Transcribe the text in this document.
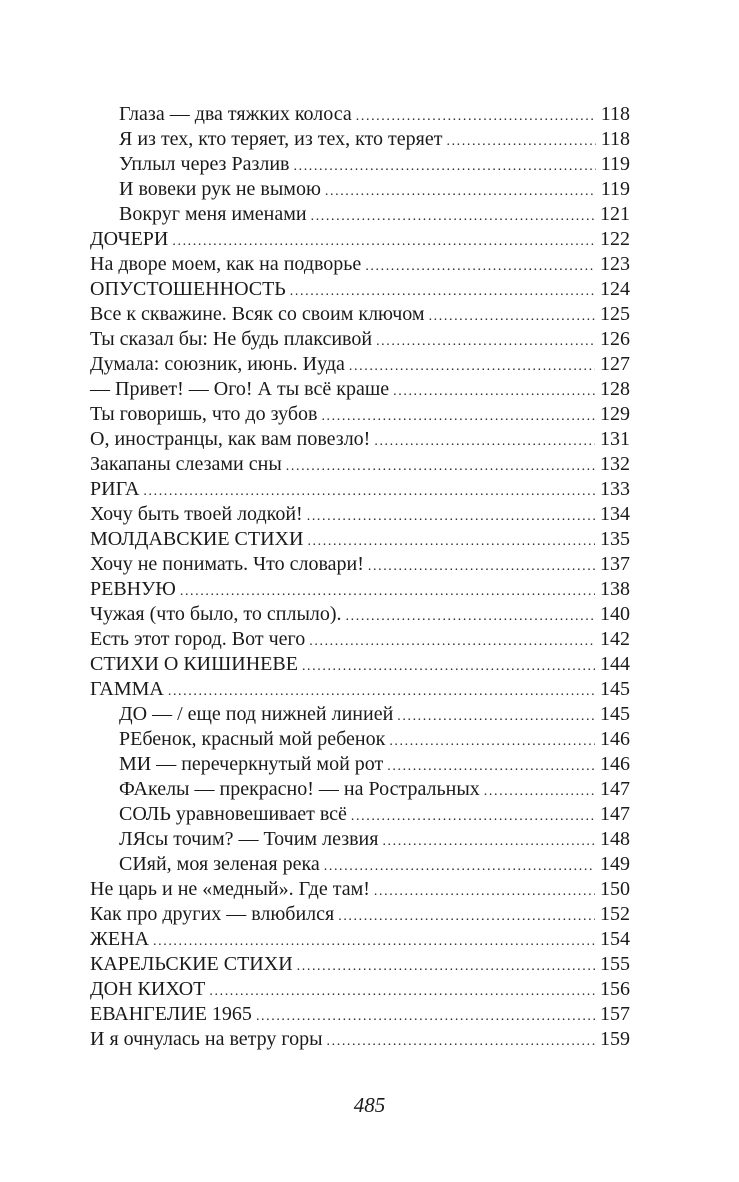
Глаза — два тяжких колоса .....	118
Я из тех, кто теряет, из тех, кто теряет .....	118
Уплыл через Разлив .....	119
И вовеки рук не вымою .....	119
Вокруг меня именами .....	121
ДОЧЕРИ .....	122
На дворе моем, как на подворье .....	123
ОПУСТОШЕННОСТЬ .....	124
Все к скважине. Всяк со своим ключом .....	125
Ты сказал бы: Не будь плаксивой .....	126
Думала: союзник, июнь. Иуда .....	127
— Привет! — Ого! А ты всё краше .....	128
Ты говоришь, что до зубов .....	129
О, иностранцы, как вам повезло! .....	131
Закапаны слезами сны .....	132
РИГА .....	133
Хочу быть твоей лодкой! .....	134
МОЛДАВСКИЕ СТИХИ .....	135
Хочу не понимать. Что словари! .....	137
РЕВНУЮ .....	138
Чужая (что было, то сплыло). .....	140
Есть этот город. Вот чего .....	142
СТИХИ О КИШИНЕВЕ .....	144
ГАММА .....	145
ДО — / еще под нижней линией .....	145
РЕбенок, красный мой ребенок .....	146
МИ — перечеркнутый мой рот .....	146
ФАкелы — прекрасно! — на Ростральных .....	147
СОЛЬ уравновешивает всё .....	147
ЛЯсы точим? — Точим лезвия .....	148
СИяй, моя зеленая река .....	149
Не царь и не «медный». Где там! .....	150
Как про других — влюбился .....	152
ЖЕНА .....	154
КАРЕЛЬСКИЕ СТИХИ .....	155
ДОН КИХОТ .....	156
ЕВАНГЕЛИЕ 1965 .....	157
И я очнулась на ветру горы .....	159
485
